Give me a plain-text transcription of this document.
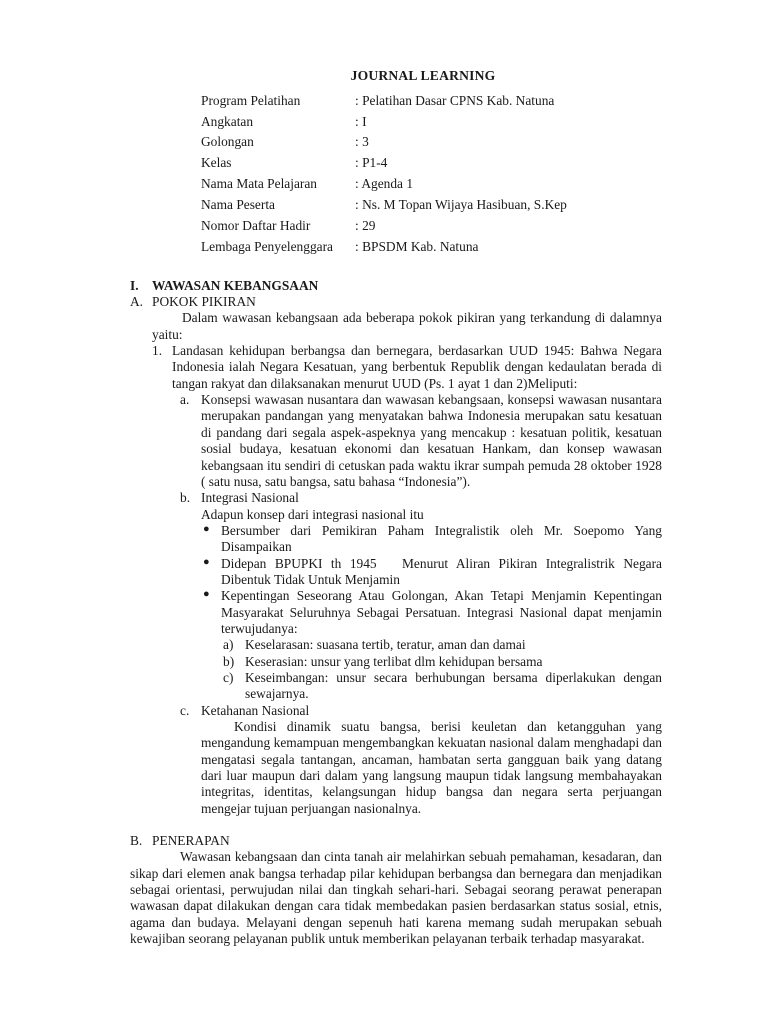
JOURNAL LEARNING
Program Pelatihan	: Pelatihan Dasar CPNS Kab. Natuna
Angkatan	: I
Golongan	: 3
Kelas	: P1-4
Nama Mata Pelajaran	: Agenda 1
Nama Peserta	: Ns. M Topan Wijaya Hasibuan, S.Kep
Nomor Daftar Hadir	: 29
Lembaga Penyelenggara	: BPSDM Kab. Natuna
I.	WAWASAN KEBANGSAAN
A. POKOK PIKIRAN
Dalam wawasan kebangsaan ada beberapa pokok pikiran yang terkandung di dalamnya yaitu:
1. Landasan kehidupan berbangsa dan bernegara, berdasarkan UUD 1945: Bahwa Negara Indonesia ialah Negara Kesatuan, yang berbentuk Republik dengan kedaulatan berada di tangan rakyat dan dilaksanakan menurut UUD (Ps. 1 ayat 1 dan 2)Meliputi:
a. Konsepsi wawasan nusantara dan wawasan kebangsaan, konsepsi wawasan nusantara merupakan pandangan yang menyatakan bahwa Indonesia merupakan satu kesatuan di pandang dari segala aspek-aspeknya yang mencakup : kesatuan politik, kesatuan sosial budaya, kesatuan ekonomi dan kesatuan Hankam, dan konsep wawasan kebangsaan itu sendiri di cetuskan pada waktu ikrar sumpah pemuda 28 oktober 1928 ( satu nusa, satu bangsa, satu bahasa “Indonesia”).
b. Integrasi Nasional
Adapun konsep dari integrasi nasional itu
● Bersumber dari Pemikiran Paham Integralistik oleh Mr. Soepomo Yang Disampaikan
● Didepan BPUPKI th 1945   Menurut Aliran Pikiran Integralistrik Negara Dibentuk Tidak Untuk Menjamin
● Kepentingan Seseorang Atau Golongan, Akan Tetapi Menjamin Kepentingan Masyarakat Seluruhnya Sebagai Persatuan. Integrasi Nasional dapat menjamin terwujudanya:
a) Keselarasan: suasana tertib, teratur, aman dan damai
b) Keserasian: unsur yang terlibat dlm kehidupan bersama
c) Keseimbangan: unsur secara berhubungan bersama diperlakukan dengan sewajarnya.
c. Ketahanan Nasional
Kondisi dinamik suatu bangsa, berisi keuletan dan ketangguhan yang mengandung kemampuan mengembangkan kekuatan nasional dalam menghadapi dan mengatasi segala tantangan, ancaman, hambatan serta gangguan baik yang datang dari luar maupun dari dalam yang langsung maupun tidak langsung membahayakan integritas, identitas, kelangsungan hidup bangsa dan negara serta perjuangan mengejar tujuan perjuangan nasionalnya.
B. PENERAPAN
Wawasan kebangsaan dan cinta tanah air melahirkan sebuah pemahaman, kesadaran, dan sikap dari elemen anak bangsa terhadap pilar kehidupan berbangsa dan bernegara dan menjadikan sebagai orientasi, perwujudan nilai dan tingkah sehari-hari. Sebagai seorang perawat penerapan wawasan dapat dilakukan dengan cara tidak membedakan pasien berdasarkan status sosial, etnis, agama dan budaya. Melayani dengan sepenuh hati karena memang sudah merupakan sebuah kewajiban seorang pelayanan publik untuk memberikan pelayanan terbaik terhadap masyarakat.
